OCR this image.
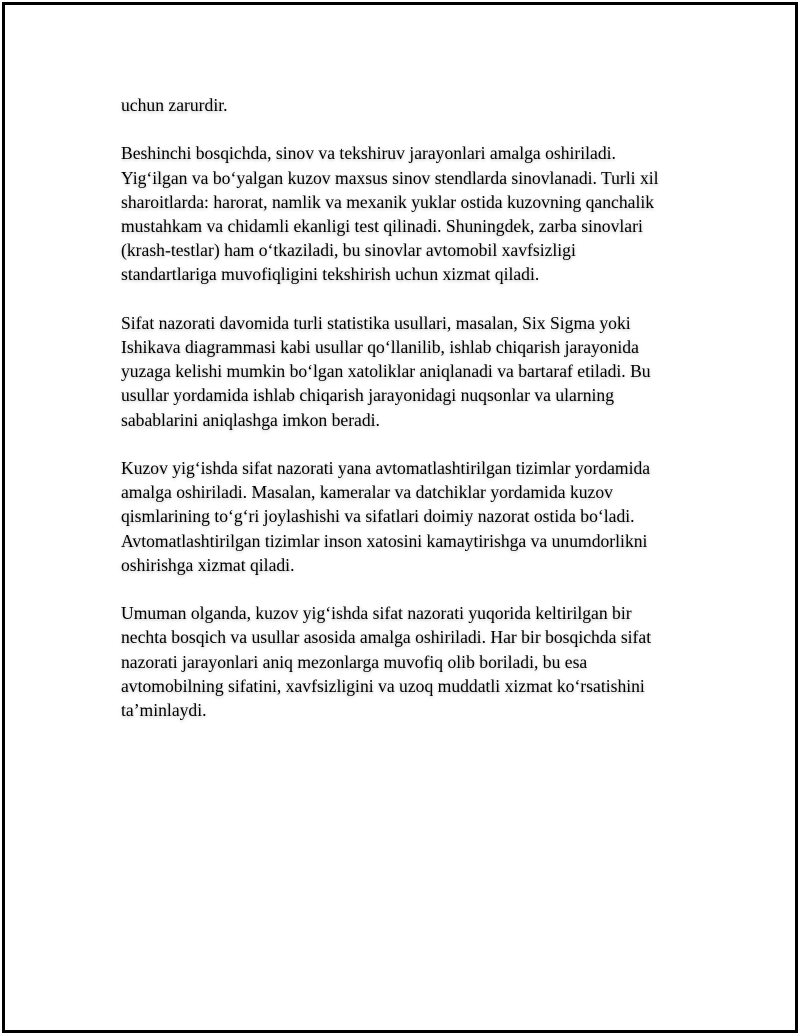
uchun zarurdir.

Beshinchi bosqichda, sinov va tekshiruv jarayonlari amalga oshiriladi.
Yig‘ilgan va bo‘yalgan kuzov maxsus sinov stendlarda sinovlanadi. Turli xil
sharoitlarda: harorat, namlik va mexanik yuklar ostida kuzovning qanchalik
mustahkam va chidamli ekanligi test qilinadi. Shuningdek, zarba sinovlari
(krash-testlar) ham o‘tkaziladi, bu sinovlar avtomobil xavfsizligi
standartlariga muvofiqligini tekshirish uchun xizmat qiladi.

Sifat nazorati davomida turli statistika usullari, masalan, Six Sigma yoki
Ishikava diagrammasi kabi usullar qo‘llanilib, ishlab chiqarish jarayonida
yuzaga kelishi mumkin bo‘lgan xatoliklar aniqlanadi va bartaraf etiladi. Bu
usullar yordamida ishlab chiqarish jarayonidagi nuqsonlar va ularning
sabablarini aniqlashga imkon beradi.

Kuzov yig‘ishda sifat nazorati yana avtomatlashtirilgan tizimlar yordamida
amalga oshiriladi. Masalan, kameralar va datchiklar yordamida kuzov
qismlarining to‘g‘ri joylashishi va sifatlari doimiy nazorat ostida bo‘ladi.
Avtomatlashtirilgan tizimlar inson xatosini kamaytirishga va unumdorlikni
oshirishga xizmat qiladi.

Umuman olganda, kuzov yig‘ishda sifat nazorati yuqorida keltirilgan bir
nechta bosqich va usullar asosida amalga oshiriladi. Har bir bosqichda sifat
nazorati jarayonlari aniq mezonlarga muvofiq olib boriladi, bu esa
avtomobilning sifatini, xavfsizligini va uzoq muddatli xizmat ko‘rsatishini
ta’minlaydi.
